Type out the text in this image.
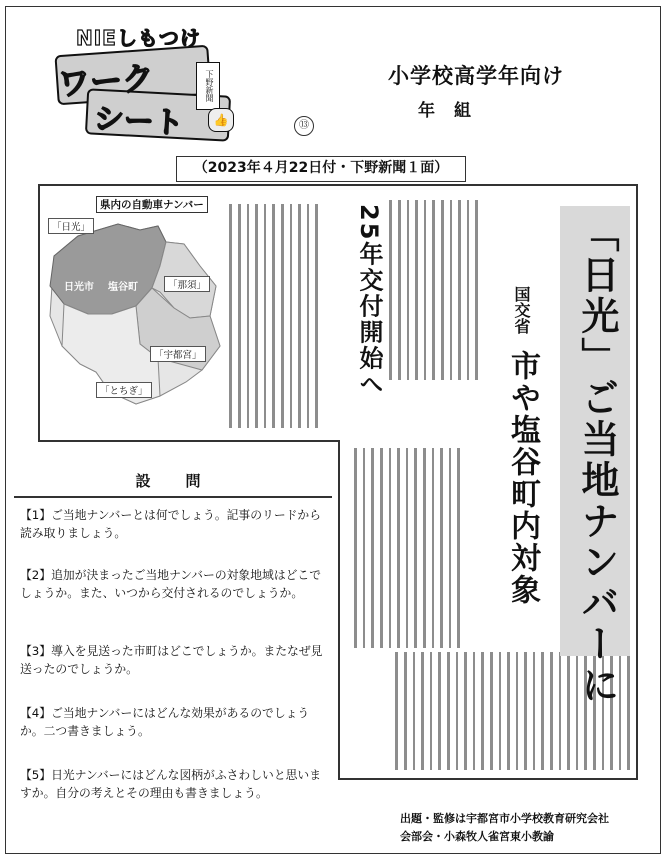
NIEしもつけ
ワーク
シート
下野新聞
👍	⑬
小学校高学年向け
年　組
（2023年４月22日付・下野新聞１面）
県内の自動車ナンバー
「日光」
日光市 塩谷町	「那須」
「宇都宮」
「とちぎ」	25年交付開始へ	「日光」ご当地ナンバーに
国交省
市や塩谷町内対象
設　問
【1】ご当地ナンバーとは何でしょう。記事のリードから読み取りましょう。
【2】追加が決まったご当地ナンバーの対象地域はどこでしょうか。また、いつから交付されるのでしょうか。
【3】導入を見送った市町はどこでしょうか。またなぜ見送ったのでしょうか。
【4】ご当地ナンバーにはどんな効果があるのでしょうか。二つ書きましょう。
【5】日光ナンバーにはどんな図柄がふさわしいと思いますか。自分の考えとその理由も書きましょう。
出題・監修は宇都宮市小学校教育研究会社
会部会・小森牧人雀宮東小教諭
